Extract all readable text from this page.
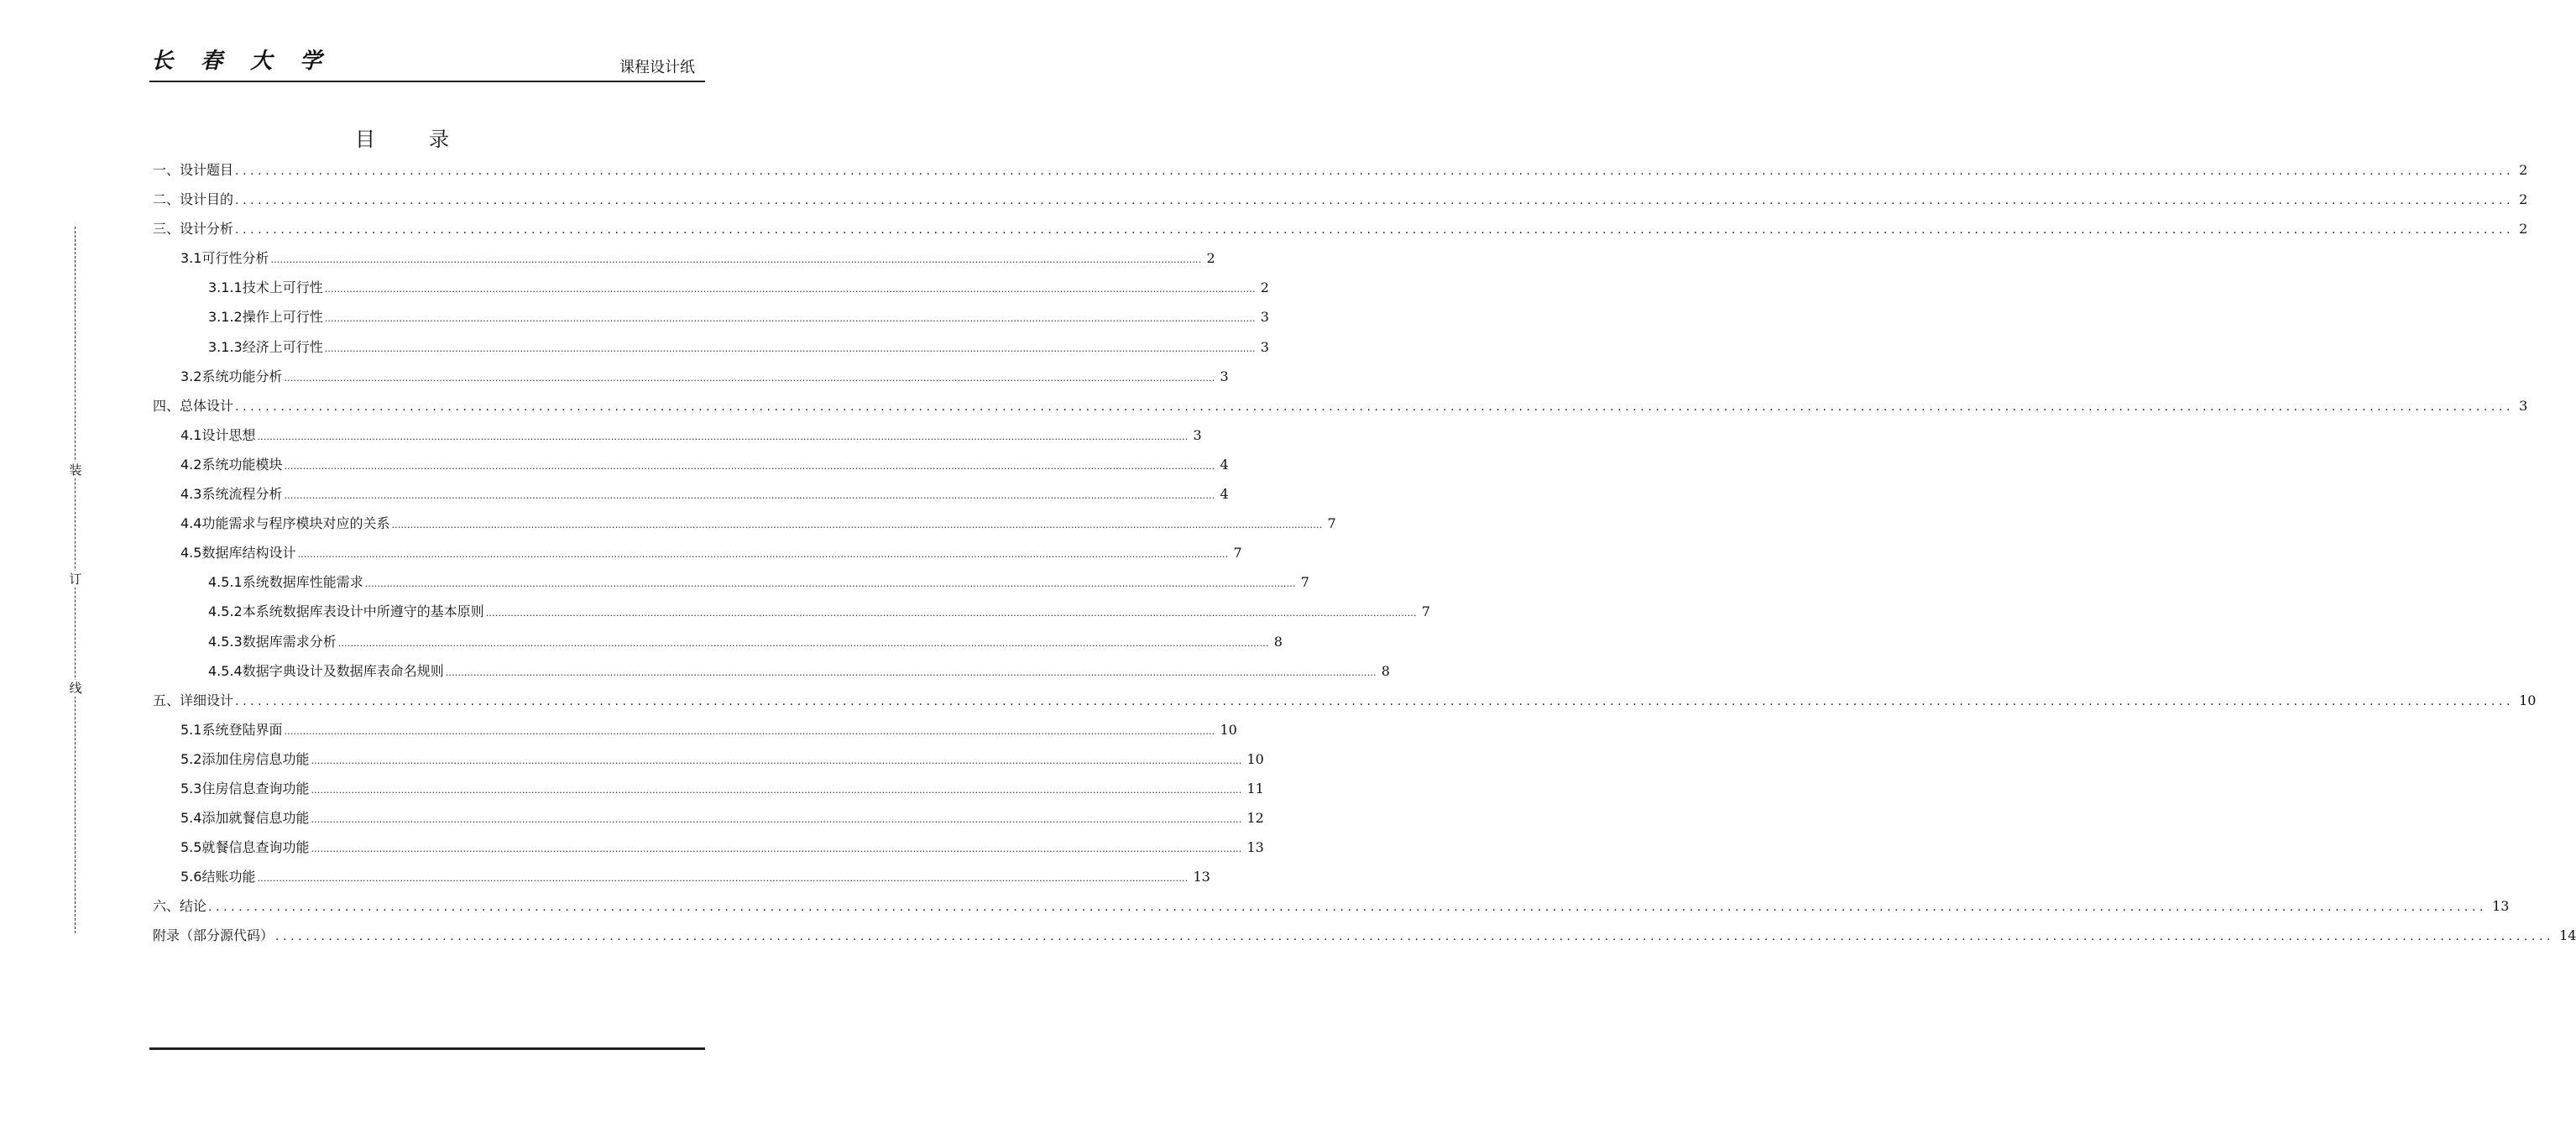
长 春 大 学	课程设计纸
装
订
线
目录
一、设计题目 ............................................................................................................................................................................................................................................................................................................ 2
二、设计目的 ............................................................................................................................................................................................................................................................................................................ 2
三、设计分析 ............................................................................................................................................................................................................................................................................................................ 2
3.1可行性分析 ............................................................................................................................................................................................................................................................................................................ 2
3.1.1技术上可行性 ............................................................................................................................................................................................................................................................................................................ 2
3.1.2操作上可行性 ............................................................................................................................................................................................................................................................................................................ 3
3.1.3经济上可行性 ............................................................................................................................................................................................................................................................................................................ 3
3.2系统功能分析 ............................................................................................................................................................................................................................................................................................................ 3
四、总体设计 ............................................................................................................................................................................................................................................................................................................ 3
4.1设计思想 ............................................................................................................................................................................................................................................................................................................ 3
4.2系统功能模块 ............................................................................................................................................................................................................................................................................................................ 4
4.3系统流程分析 ............................................................................................................................................................................................................................................................................................................ 4
4.4功能需求与程序模块对应的关系 ............................................................................................................................................................................................................................................................................................................ 7
4.5数据库结构设计 ............................................................................................................................................................................................................................................................................................................ 7
4.5.1系统数据库性能需求 ............................................................................................................................................................................................................................................................................................................ 7
4.5.2本系统数据库表设计中所遵守的基本原则 ............................................................................................................................................................................................................................................................................................................ 7
4.5.3数据库需求分析 ............................................................................................................................................................................................................................................................................................................ 8
4.5.4数据字典设计及数据库表命名规则 ............................................................................................................................................................................................................................................................................................................ 8
五、详细设计 ............................................................................................................................................................................................................................................................................................................ 10
5.1系统登陆界面 ............................................................................................................................................................................................................................................................................................................ 10
5.2添加住房信息功能 ............................................................................................................................................................................................................................................................................................................ 10
5.3住房信息查询功能 ............................................................................................................................................................................................................................................................................................................ 11
5.4添加就餐信息功能 ............................................................................................................................................................................................................................................................................................................ 12
5.5就餐信息查询功能 ............................................................................................................................................................................................................................................................................................................ 13
5.6结账功能 ............................................................................................................................................................................................................................................................................................................ 13
六、结论 ............................................................................................................................................................................................................................................................................................................ 13
附录（部分源代码） ............................................................................................................................................................................................................................................................................................................ 14
